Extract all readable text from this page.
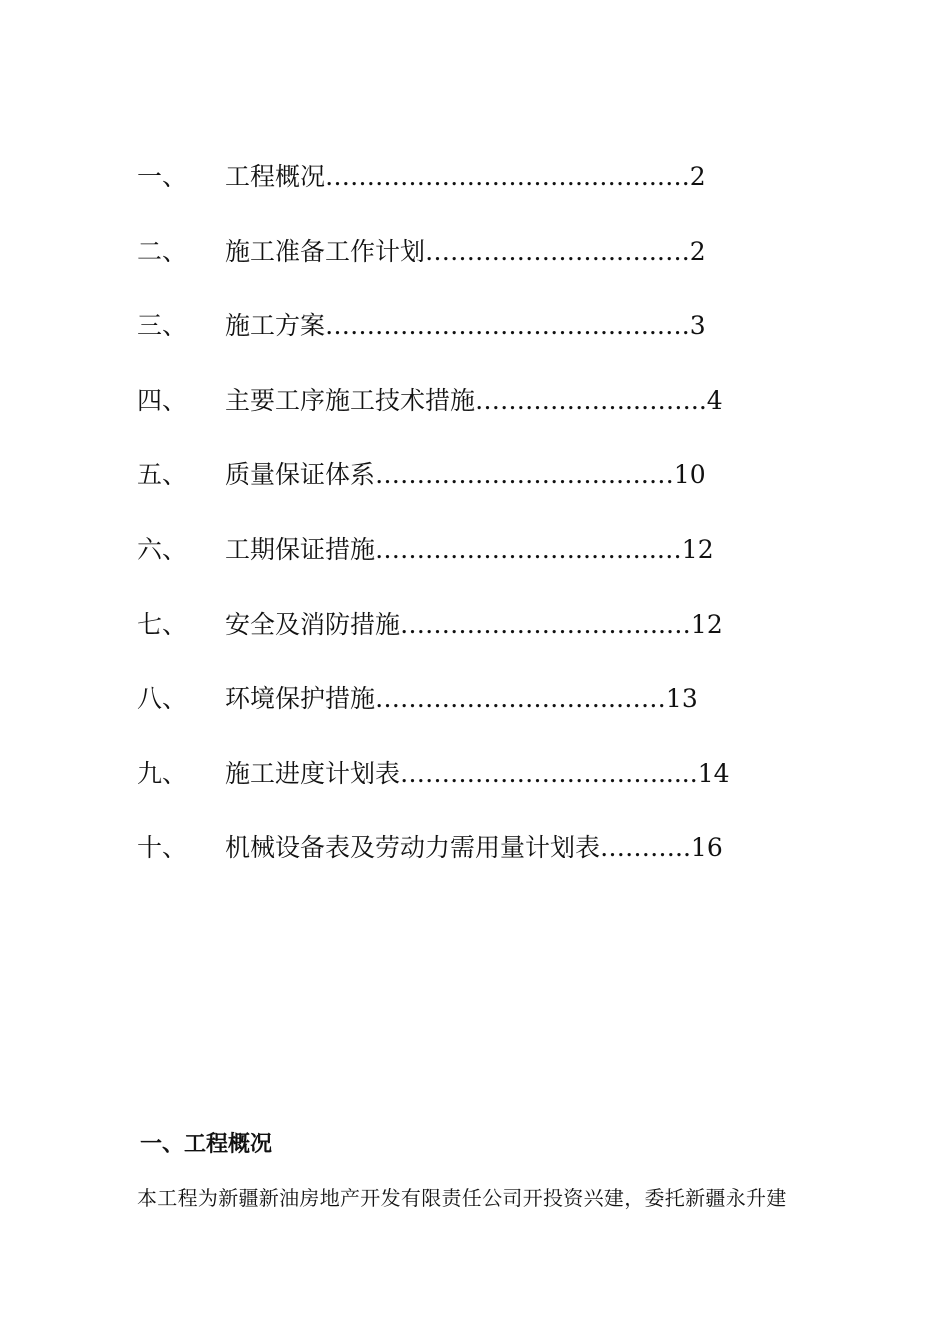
一、 工程概况…………………………..……..….2
二、 施工准备工作计划…………………..…..….2
三、 施工方案……………………………..…..….3
四、 主要工序施工技术措施………………..……..4
五、 质量保证体系………………………..….…10
六、 工期保证措施……………………..……..…12
七、 安全及消防措施…………………………..…12
八、 环境保护措施………………………..……13
九、 施工进度计划表…………………………......14
十、 机械设备表及劳动力需用量计划表………..16
一、工程概况
本工程为新疆新油房地产开发有限责任公司开投资兴建，委托新疆永升建
